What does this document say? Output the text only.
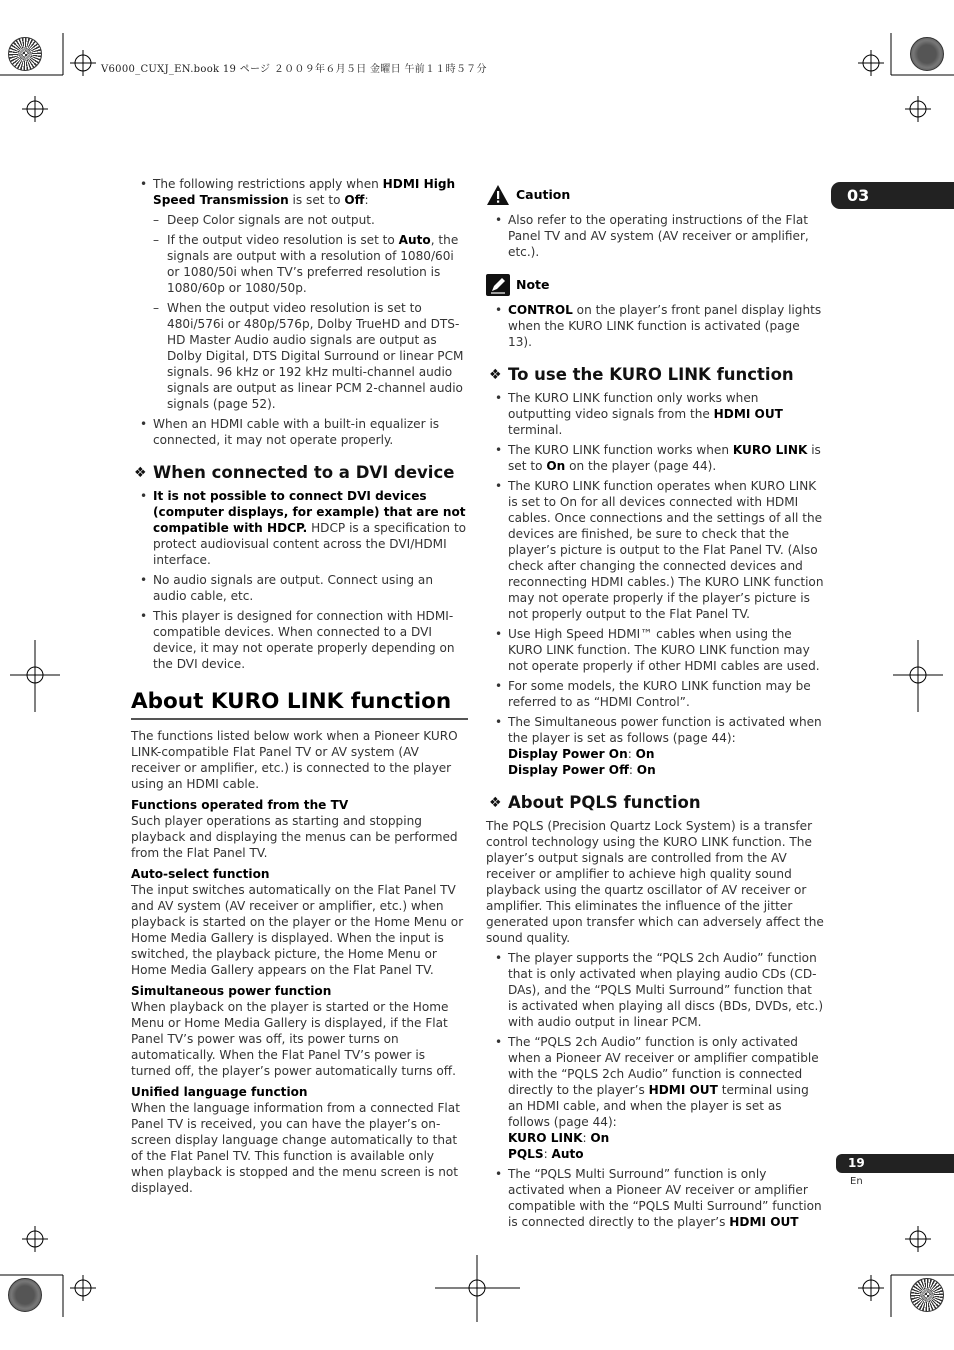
V6000_CUXJ_EN.book 19 ページ ２００９年６月５日 金曜日 午前１１時５７分
03
19
En
• The following restrictions apply when HDMI High Speed Transmission is set to Off:
– Deep Color signals are not output.
– If the output video resolution is set to Auto, the signals are output with a resolution of 1080/60i or 1080/50i when TV’s preferred resolution is 1080/60p or 1080/50p.
– When the output video resolution is set to 480i/576i or 480p/576p, Dolby TrueHD and DTS-HD Master Audio audio signals are output as Dolby Digital, DTS Digital Surround or linear PCM signals. 96 kHz or 192 kHz multi-channel audio signals are output as linear PCM 2-channel audio signals (page 52).
• When an HDMI cable with a built-in equalizer is connected, it may not operate properly.
❖ When connected to a DVI device
• It is not possible to connect DVI devices (computer displays, for example) that are not compatible with HDCP. HDCP is a specification to protect audiovisual content across the DVI/HDMI interface.
• No audio signals are output. Connect using an audio cable, etc.
• This player is designed for connection with HDMI-compatible devices. When connected to a DVI device, it may not operate properly depending on the DVI device.
About KURO LINK function

The functions listed below work when a Pioneer KURO LINK-compatible Flat Panel TV or AV system (AV receiver or amplifier, etc.) is connected to the player using an HDMI cable.

Functions operated from the TV

Such player operations as starting and stopping playback and displaying the menus can be performed from the Flat Panel TV.

Auto-select function

The input switches automatically on the Flat Panel TV and AV system (AV receiver or amplifier, etc.) when playback is started on the player or the Home Menu or Home Media Gallery is displayed. When the input is switched, the playback picture, the Home Menu or Home Media Gallery appears on the Flat Panel TV.

Simultaneous power function

When playback on the player is started or the Home Menu or Home Media Gallery is displayed, if the Flat Panel TV’s power was off, its power turns on automatically. When the Flat Panel TV’s power is turned off, the player’s power automatically turns off.

Unified language function

When the language information from a connected Flat Panel TV is received, you can have the player’s on-screen display language change automatically to that of the Flat Panel TV. This function is available only when playback is stopped and the menu screen is not displayed.

Caution
• Also refer to the operating instructions of the Flat Panel TV and AV system (AV receiver or amplifier, etc.).
Note
• CONTROL on the player’s front panel display lights when the KURO LINK function is activated (page 13).
❖ To use the KURO LINK function
• The KURO LINK function only works when outputting video signals from the HDMI OUT terminal.
• The KURO LINK function works when KURO LINK is set to On on the player (page 44).
• The KURO LINK function operates when KURO LINK is set to On for all devices connected with HDMI cables. Once connections and the settings of all the devices are finished, be sure to check that the player’s picture is output to the Flat Panel TV. (Also check after changing the connected devices and reconnecting HDMI cables.) The KURO LINK function may not operate properly if the player’s picture is not properly output to the Flat Panel TV.
• Use High Speed HDMI™ cables when using the KURO LINK function. The KURO LINK function may not operate properly if other HDMI cables are used.
• For some models, the KURO LINK function may be referred to as “HDMI Control”.
• The Simultaneous power function is activated when the player is set as follows (page 44):
Display Power On: On
Display Power Off: On
❖ About PQLS function

The PQLS (Precision Quartz Lock System) is a transfer control technology using the KURO LINK function. The player’s output signals are controlled from the AV receiver or amplifier to achieve high quality sound playback using the quartz oscillator of AV receiver or amplifier. This eliminates the influence of the jitter generated upon transfer which can adversely affect the sound quality.

• The player supports the “PQLS 2ch Audio” function that is only activated when playing audio CDs (CD-DAs), and the “PQLS Multi Surround” function that is activated when playing all discs (BDs, DVDs, etc.) with audio output in linear PCM.
• The “PQLS 2ch Audio” function is only activated when a Pioneer AV receiver or amplifier compatible with the “PQLS 2ch Audio” function is connected directly to the player’s HDMI OUT terminal using an HDMI cable, and when the player is set as follows (page 44):
KURO LINK: On
PQLS: Auto
• The “PQLS Multi Surround” function is only activated when a Pioneer AV receiver or amplifier compatible with the “PQLS Multi Surround” function is connected directly to the player’s HDMI OUT
